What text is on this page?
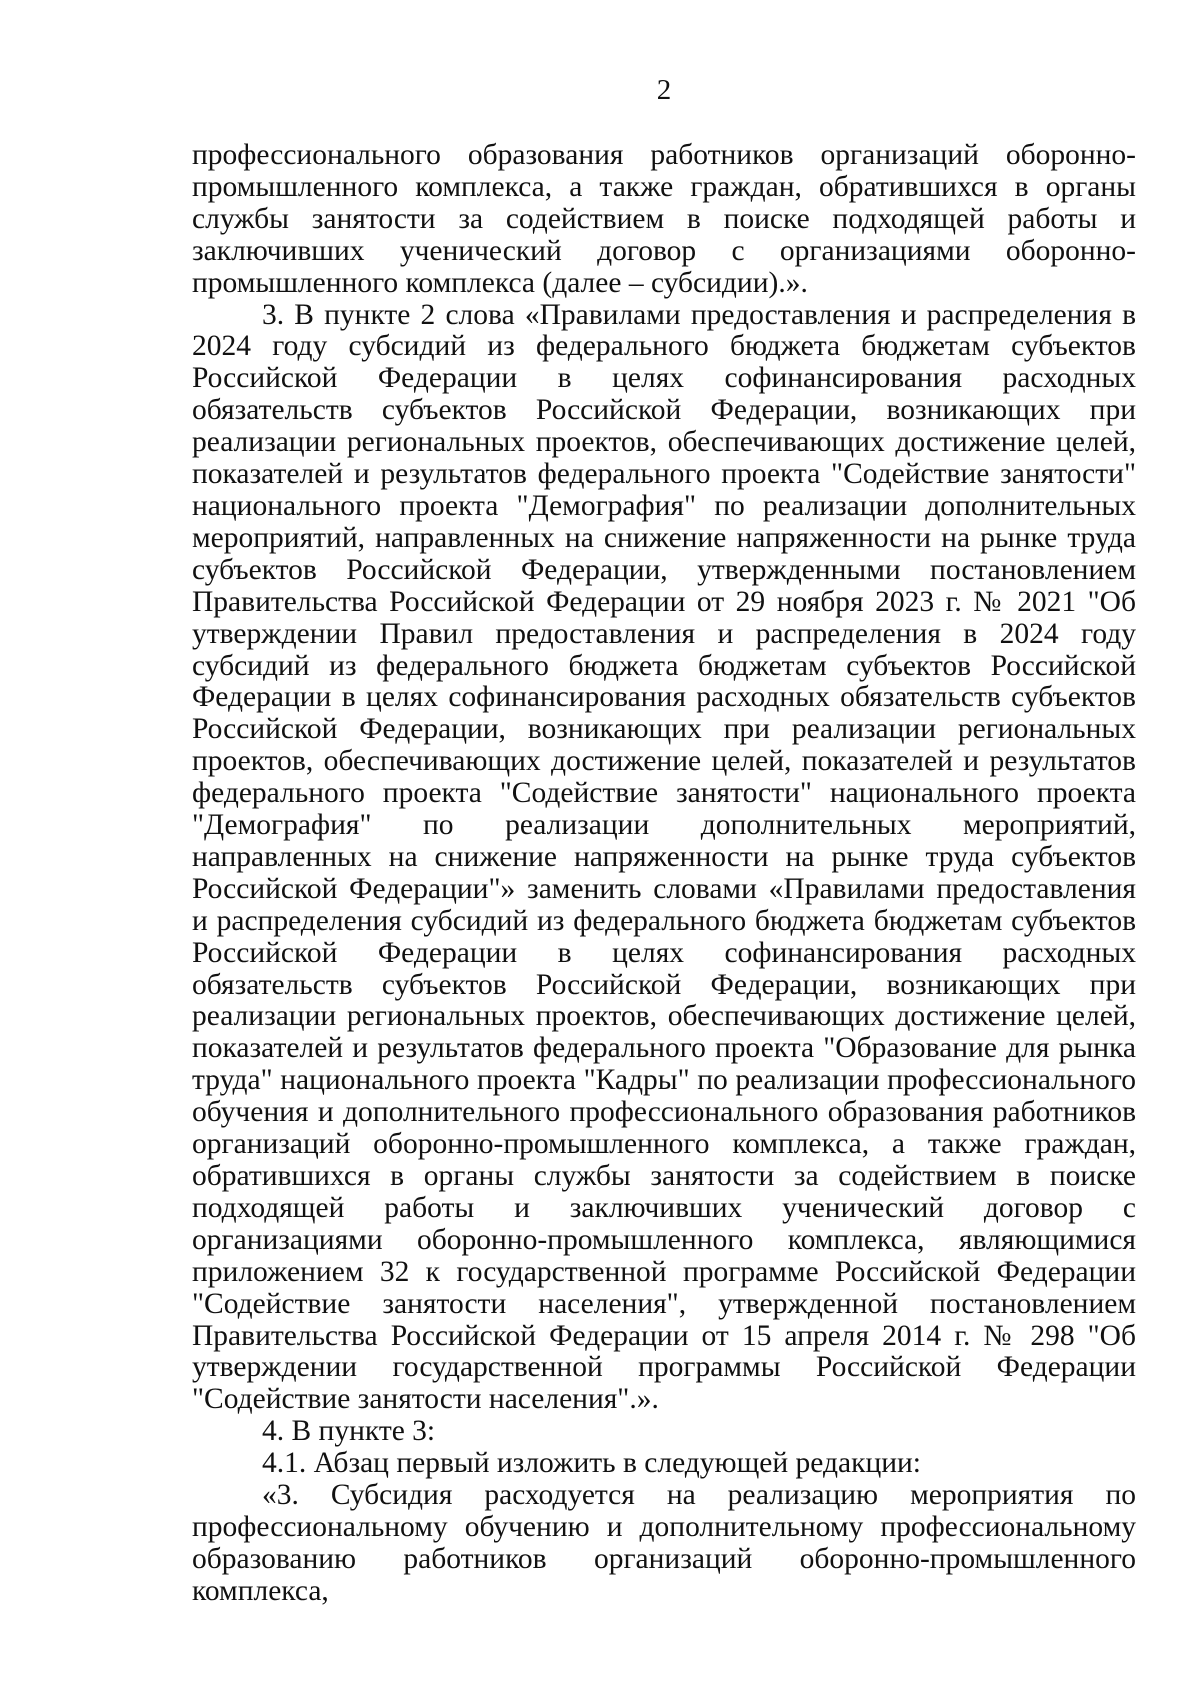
2

профессионального образования работников организаций оборонно-промышленного комплекса, а также граждан, обратившихся в органы службы занятости за содействием в поиске подходящей работы и заключивших ученический договор с организациями оборонно-промышленного комплекса (далее – субсидии).».

3. В пункте 2 слова «Правилами предоставления и распределения в 2024 году субсидий из федерального бюджета бюджетам субъектов Российской Федерации в целях софинансирования расходных обязательств субъектов Российской Федерации, возникающих при реализации региональных проектов, обеспечивающих достижение целей, показателей и результатов федерального проекта "Содействие занятости" национального проекта "Демография" по реализации дополнительных мероприятий, направленных на снижение напряженности на рынке труда субъектов Российской Федерации, утвержденными постановлением Правительства Российской Федерации от 29 ноября 2023 г. № 2021 "Об утверждении Правил предоставления и распределения в 2024 году субсидий из федерального бюджета бюджетам субъектов Российской Федерации в целях софинансирования расходных обязательств субъектов Российской Федерации, возникающих при реализации региональных проектов, обеспечивающих достижение целей, показателей и результатов федерального проекта "Содействие занятости" национального проекта "Демография" по реализации дополнительных мероприятий, направленных на снижение напряженности на рынке труда субъектов Российской Федерации"» заменить словами «Правилами предоставления и распределения субсидий из федерального бюджета бюджетам субъектов Российской Федерации в целях софинансирования расходных обязательств субъектов Российской Федерации, возникающих при реализации региональных проектов, обеспечивающих достижение целей, показателей и результатов федерального проекта "Образование для рынка труда" национального проекта "Кадры" по реализации профессионального обучения и дополнительного профессионального образования работников организаций оборонно-промышленного комплекса, а также граждан, обратившихся в органы службы занятости за содействием в поиске подходящей работы и заключивших ученический договор с организациями оборонно-промышленного комплекса, являющимися приложением 32 к государственной программе Российской Федерации "Содействие занятости населения", утвержденной постановлением Правительства Российской Федерации от 15 апреля 2014 г. № 298 "Об утверждении государственной программы Российской Федерации "Содействие занятости населения".».

4. В пункте 3:

4.1. Абзац первый изложить в следующей редакции:

«3. Субсидия расходуется на реализацию мероприятия по профессиональному обучению и дополнительному профессиональному образованию работников организаций оборонно-промышленного комплекса,
